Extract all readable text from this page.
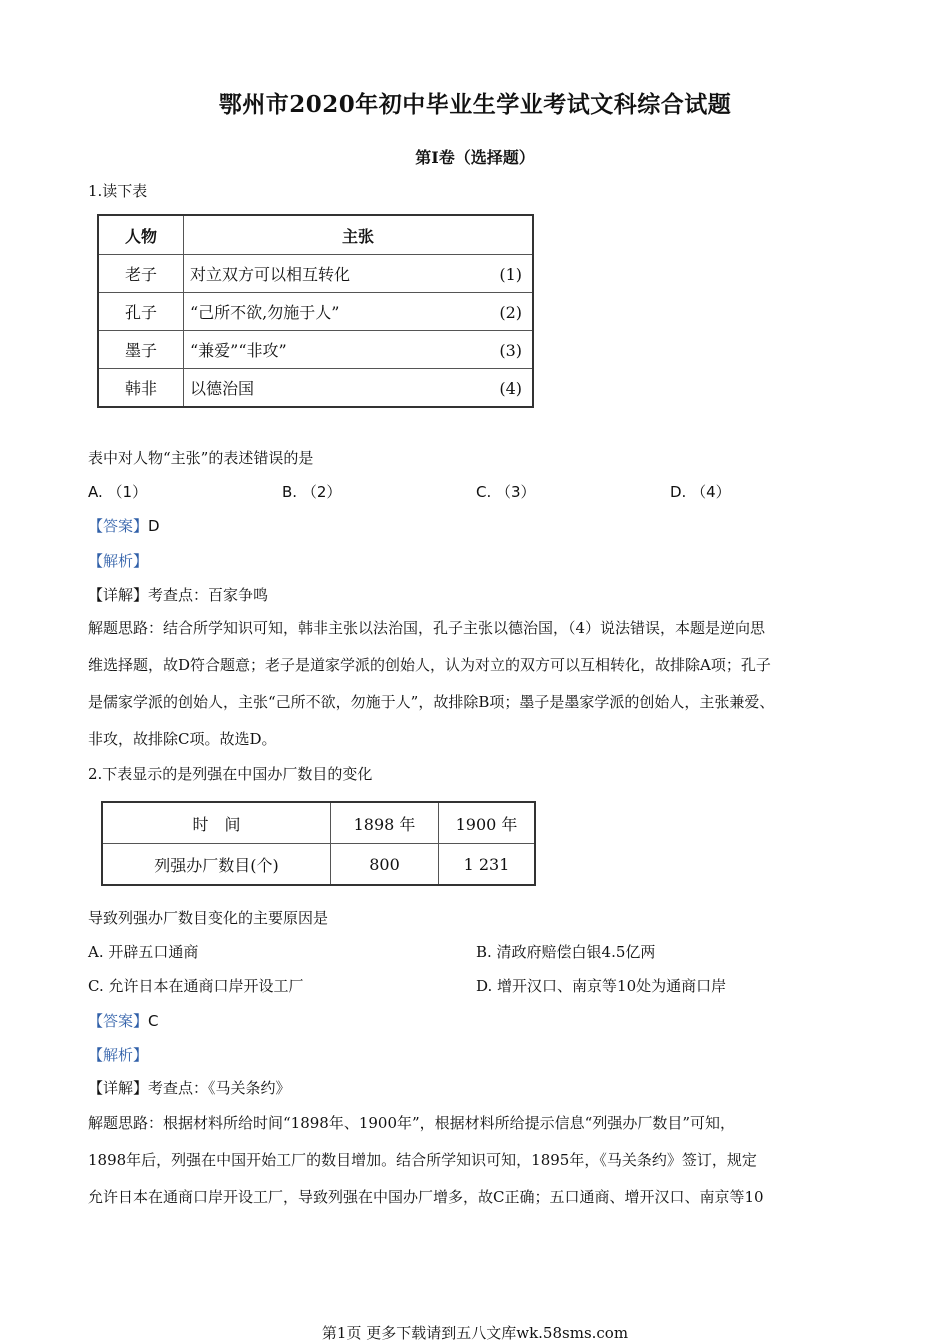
鄂州市2020年初中毕业生学业考试文科综合试题
第Ⅰ卷（选择题）
1.读下表
人物	主张
老子	对立双方可以相互转化 (1)

孔子	“己所不欲,勿施于人” (2)

墨子	“兼爱”“非攻” (3)

韩非	以德治国 (4)
表中对人物“主张”的表述错误的是
A. （1）	B. （2）	C. （3）	D. （4）
【答案】D
【解析】
【详解】考查点：百家争鸣
解题思路：结合所学知识可知，韩非主张以法治国，孔子主张以德治国，（4）说法错误，本题是逆向思
维选择题，故D符合题意；老子是道家学派的创始人，认为对立的双方可以互相转化，故排除A项；孔子
是儒家学派的创始人，主张“己所不欲，勿施于人”，故排除B项；墨子是墨家学派的创始人，主张兼爱、
非攻，故排除C项。故选D。
2.下表显示的是列强在中国办厂数目的变化
时　间	1898 年	1900 年
列强办厂数目(个)	800	1 231
导致列强办厂数目变化的主要原因是
A. 开辟五口通商	B. 清政府赔偿白银4.5亿两
C. 允许日本在通商口岸开设工厂	D. 增开汉口、南京等10处为通商口岸
【答案】C
【解析】
【详解】考查点：《马关条约》
解题思路：根据材料所给时间“1898年、1900年”，根据材料所给提示信息“列强办厂数目”可知，
1898年后，列强在中国开始工厂的数目增加。结合所学知识可知，1895年，《马关条约》签订，规定
允许日本在通商口岸开设工厂，导致列强在中国办厂增多，故C正确；五口通商、增开汉口、南京等10
第1页 更多下载请到五八文库wk.58sms.com
